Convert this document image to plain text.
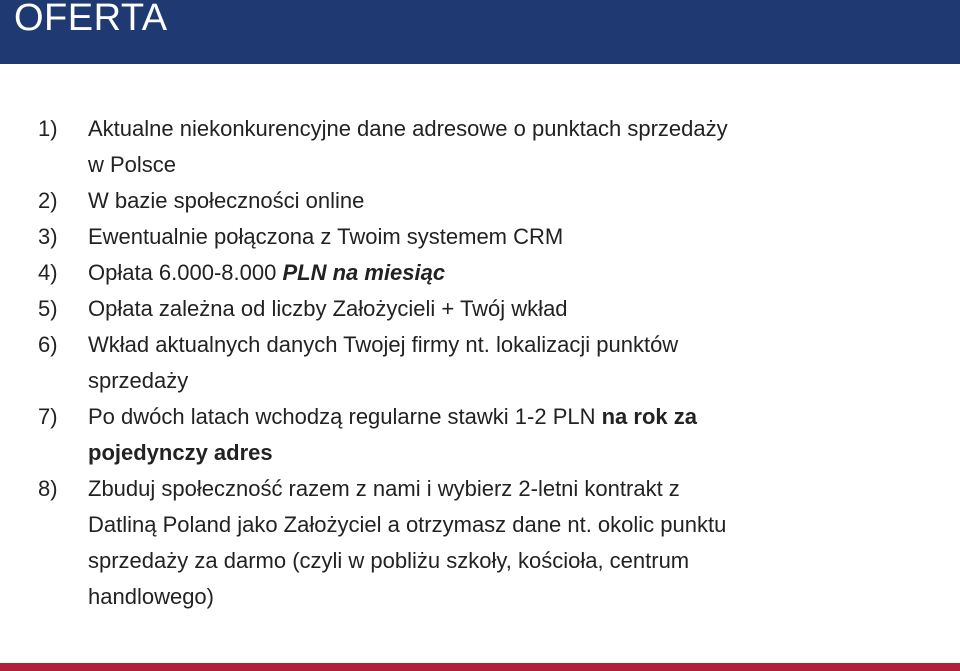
OFERTA
1) Aktualne niekonkurencyjne dane adresowe o punktach sprzedaży
w Polsce
2) W bazie społeczności online
3) Ewentualnie połączona z Twoim systemem CRM
4) Opłata 6.000-8.000 PLN na miesiąc
5) Opłata zależna od liczby Założycieli + Twój wkład
6) Wkład aktualnych danych Twojej firmy nt. lokalizacji punktów
sprzedaży
7) Po dwóch latach wchodzą regularne stawki 1-2 PLN na rok za
pojedynczy adres
8) Zbuduj społeczność razem z nami i wybierz 2-letni kontrakt z
Datliną Poland jako Założyciel a otrzymasz dane nt. okolic punktu
sprzedaży za darmo (czyli w pobliżu szkoły, kościoła, centrum
handlowego)
